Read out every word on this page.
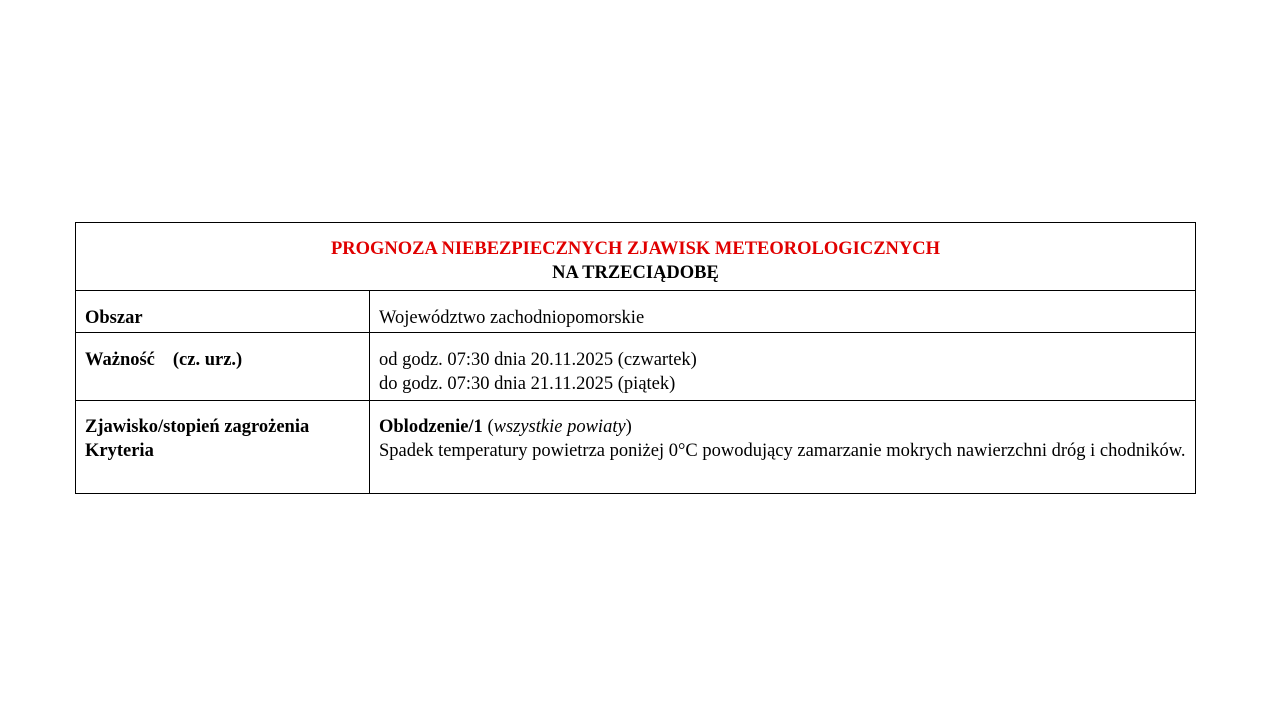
PROGNOZA NIEBEZPIECZNYCH ZJAWISK METEOROLOGICZNYCH
NA TRZECIĄDOBĘ	

Obszar	Województwo zachodniopomorskie

Ważność (cz. urz.)	od godz. 07:30 dnia 20.11.2025 (czwartek)
do godz. 07:30 dnia 21.11.2025 (piątek)

Zjawisko/stopień zagrożenia
Kryteria	Oblodzenie/1 (wszystkie powiaty)
Spadek temperatury powietrza poniżej 0°C powodujący zamarzanie mokrych nawierzchni dróg i chodników.
